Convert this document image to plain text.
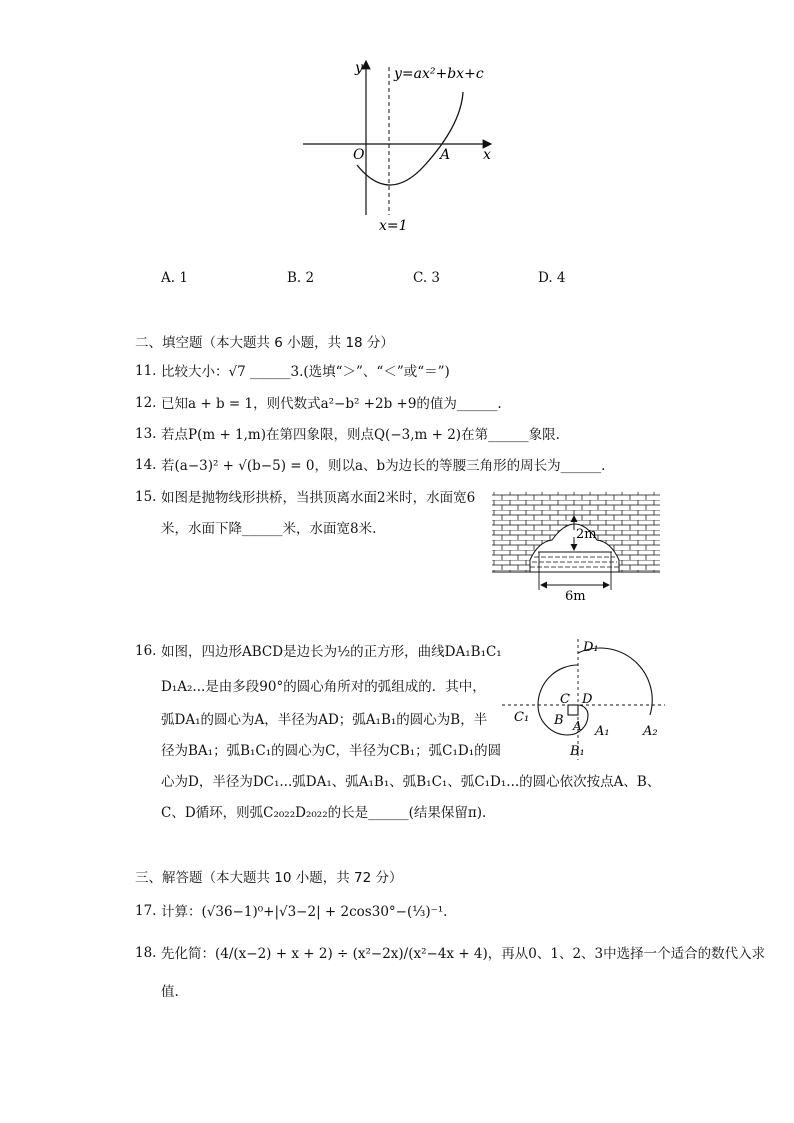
y
x
O	A
y=ax²+bx+c
x=1
A. 1	B. 2	C. 3	D. 4
二、填空题（本大题共 6 小题，共 18 分）
11. 比较大小：√7 ______3.(选填“＞”、“＜”或“＝”)
12. 已知a + b = 1，则代数式a²−b² +2b +9的值为______.
13. 若点P(m + 1,m)在第四象限，则点Q(−3,m + 2)在第______象限.
14. 若(a−3)² + √(b−5) = 0，则以a、b为边长的等腰三角形的周长为______.
15. 如图是抛物线形拱桥，当拱顶离水面2米时，水面宽6
米，水面下降______米，水面宽8米.	2m
6m
16. 如图，四边形ABCD是边长为½的正方形，曲线DA₁B₁C₁
D₁A₂...是由多段90°的圆心角所对的弧组成的．其中，
弧DA₁的圆心为A，半径为AD；弧A₁B₁的圆心为B，半
径为BA₁；弧B₁C₁的圆心为C，半径为CB₁；弧C₁D₁的圆
心为D，半径为DC₁...弧DA₁、弧A₁B₁、弧B₁C₁、弧C₁D₁...的圆心依次按点A、B、
C、D循环，则弧C₂₀₂₂D₂₀₂₂的长是______(结果保留π).
D₁
C D
C₁ B A A₁	A₂
B₁
三、解答题（本大题共 10 小题，共 72 分）
17. 计算：(√36−1)⁰+|√3−2| + 2cos30°−(⅓)⁻¹.
18. 先化简：(4/(x−2) + x + 2) ÷ (x²−2x)/(x²−4x + 4)，再从0、1、2、3中选择一个适合的数代入求
值.
